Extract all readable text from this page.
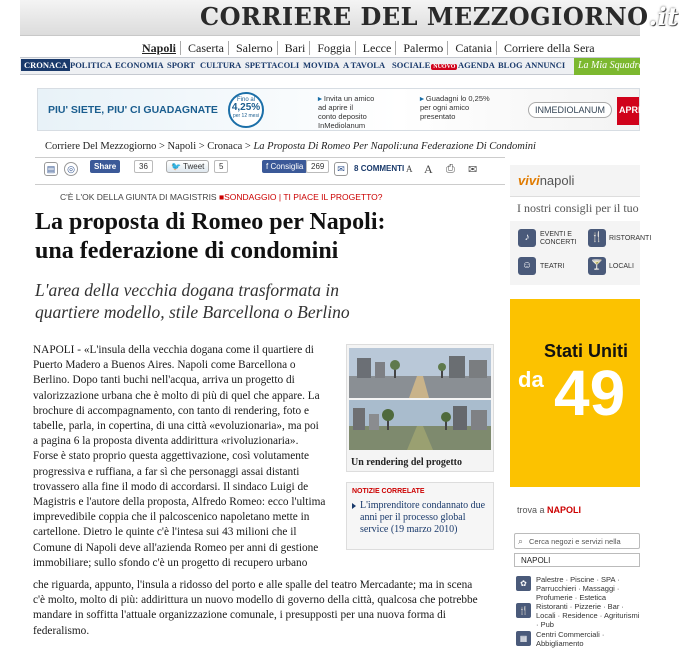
CORRIERE DEL MEZZOGIORNO.it
Napoli Caserta Salerno Bari Foggia Lecce Palermo Catania Corriere della Sera
CRONACA POLITICA ECONOMIA SPORT CULTURA SPETTACOLI MOVIDA A TAVOLA SOCIALE NUOVO AGENDA BLOG ANNUNCI	La Mia Squadra
PIU' SIETE, PIU' CI GUADAGNATE
Fino al
4,25%
per 12 mesi
▸ Invita un amico
ad aprire il
conto deposito
InMediolanum
▸ Guadagni lo 0,25%
per ogni amico
presentato
INMEDIOLANUM	APRI
Corriere Del Mezzogiorno > Napoli > Cronaca > La Proposta Di Romeo Per Napoli:una Federazione Di Condomini
▤	◎	Share	36	🐦 Tweet	5	f Consiglia 269	✉	8 COMMENTI A A ⎙ ✉
C'È L'OK DELLA GIUNTA DI MAGISTRIS ■SONDAGGIO | TI PIACE IL PROGETTO?
La proposta di Romeo per Napoli:
una federazione di condomini
L'area della vecchia dogana trasformata in
quartiere modello, stile Barcellona o Berlino

NAPOLI - «L'insula della vecchia dogana come il quartiere di

Puerto Madero a Buenos Aires. Napoli come Barcellona o

Berlino. Dopo tanti buchi nell'acqua, arriva un progetto di

valorizzazione urbana che è molto di più di quel che appare. La

brochure di accompagnamento, con tanto di rendering, foto e

tabelle, parla, in copertina, di una città «evoluzionaria», ma poi

a pagina 6 la proposta diventa addirittura «rivoluzionaria».

Forse è stato proprio questa aggettivazione, così volutamente

progressiva e ruffiana, a far sì che personaggi assai distanti

trovassero alla fine il modo di accordarsi. Il sindaco Luigi de

Magistris e l'autore della proposta, Alfredo Romeo: ecco l'ultima

imprevedibile coppia che il palcoscenico napoletano mette in

cartellone. Dietro le quinte c'è l'intesa sui 43 milioni che il

Comune di Napoli deve all'azienda Romeo per anni di gestione

immobiliare; sullo sfondo c'è un progetto di recupero urbano

che riguarda, appunto, l'insula a ridosso del porto e alle spalle del teatro Mercadante; ma in scena

c'è molto, molto di più: addirittura un nuovo modello di governo della città, qualcosa che potrebbe

mandare in soffitta l'attuale organizzazione comunale, i presupposti per una nuova forma di

federalismo.

Un rendering del progetto
NOTIZIE CORRELATE
L'imprenditore condannato due anni per il processo global service (19 marzo 2010)
vivinapoli
I nostri consigli per il tuo
♪	EVENTI E CONCERTI	🍴 RISTORANTI
☺	TEATRI	🍸 LOCALI
Stati Uniti
da 49
trova a NAPOLI
⌕ Cerca negozi e servizi nella
NAPOLI
✿	Palestre · Piscine · SPA · Parrucchieri · Massaggi · Profumerie · Estetica
🍴	Ristoranti · Pizzerie · Bar · Locali · Residence · Agriturismi · Pub
▦	Centri Commerciali · Abbigliamento
